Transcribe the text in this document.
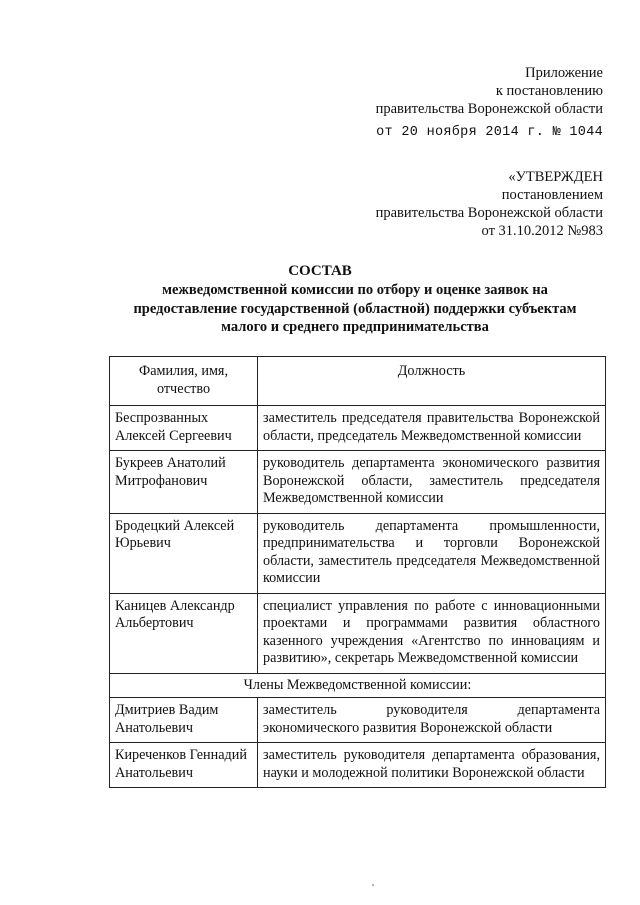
Приложение
к постановлению
правительства Воронежской области
от 20 ноября 2014 г. № 1044
«УТВЕРЖДЕН
постановлением
правительства Воронежской области
от 31.10.2012 №983
СОСТАВ
межведомственной комиссии по отбору и оценке заявок на предоставление государственной (областной) поддержки субъектам малого и среднего предпринимательства
Фамилия, имя, отчество	Должность
Беспрозванных Алексей Сергеевич	заместитель председателя правительства Воронежской области, председатель Межведомственной комиссии
Букреев Анатолий Митрофанович	руководитель департамента экономического развития Воронежской области, заместитель председателя Межведомственной комиссии
Бродецкий Алексей Юрьевич	руководитель департамента промышленности, предпринимательства и торговли Воронежской области, заместитель председателя Межведомственной комиссии
Каницев Александр Альбертович	специалист управления по работе с инновационными проектами и программами развития областного казенного учреждения «Агентство по инновациям и развитию», секретарь Межведомственной комиссии
Члены Межведомственной комиссии:	
Дмитриев Вадим Анатольевич	заместитель руководителя департамента экономического развития Воронежской области
Киреченков Геннадий Анатольевич	заместитель руководителя департамента образования, науки и молодежной политики Воронежской области
